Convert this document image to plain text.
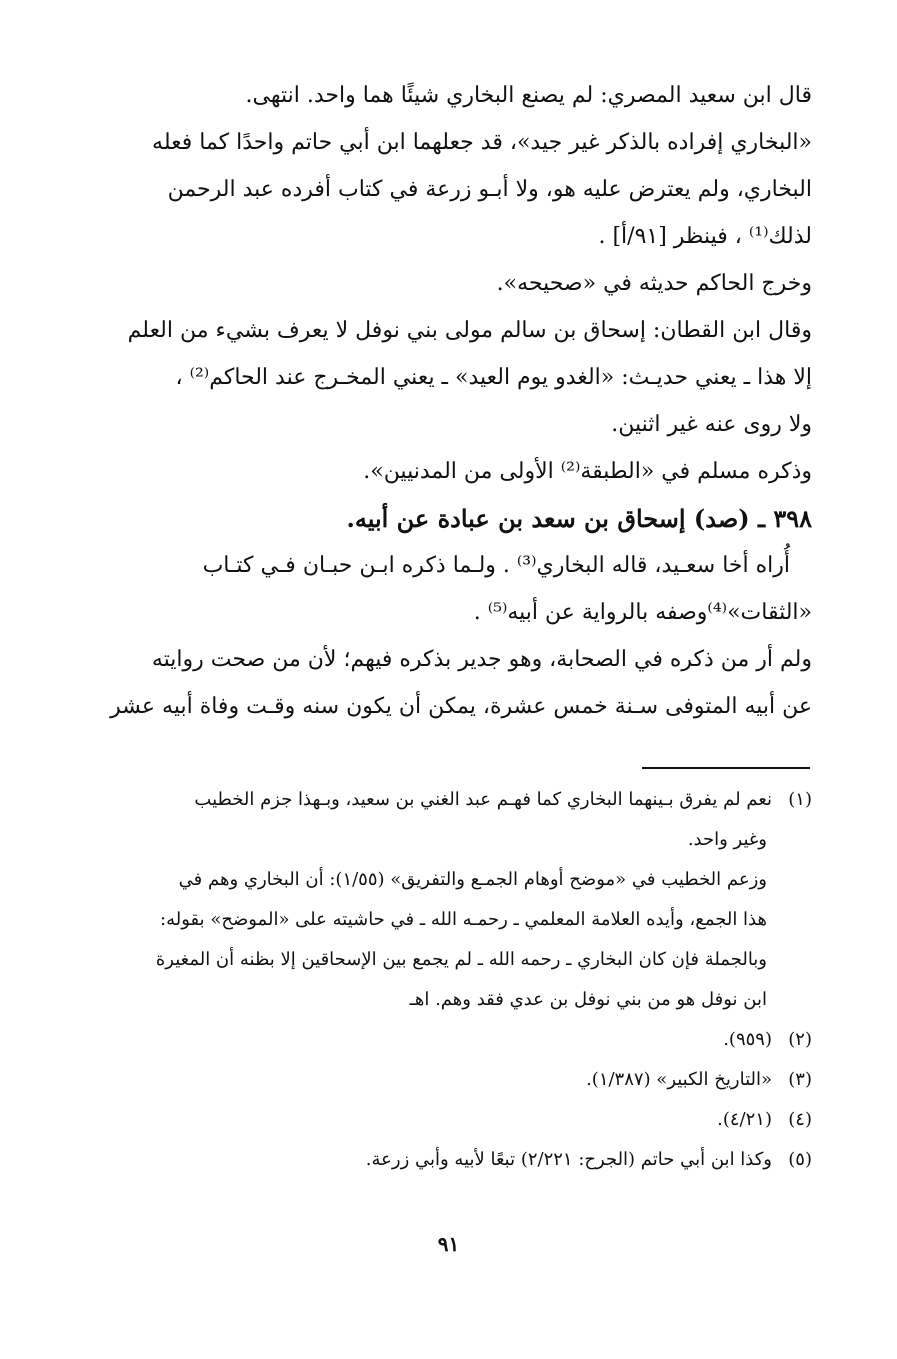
قال ابن سعيد المصري: لم يصنع البخاري شيئًا هما واحد. انتهى.

«البخاري إفراده بالذكر غير جيد»، قد جعلهما ابن أبي حاتم واحدًا كما فعله

البخاري، ولم يعترض عليه هو، ولا أبـو زرعة في كتاب أفرده عبد الرحمن

لذلك⁽¹⁾ ، فينظر [٩١/أ] .

وخرج الحاكم حديثه في «صحيحه».

وقال ابن القطان: إسحاق بن سالم مولى بني نوفل لا يعرف بشيء من العلم

إلا هذا ـ يعني حديـث: «الغدو يوم العيد» ـ يعني المخـرج عند الحاكم⁽²⁾ ،

ولا روى عنه غير اثنين.

وذكره مسلم في «الطبقة⁽²⁾ الأولى من المدنيين».

٣٩٨ ـ (صد) إسحاق بن سعد بن عبادة عن أبيه.

أُراه أخا سعـيد، قاله البخاري⁽³⁾ . ولـما ذكره ابـن حبـان فـي كتـاب

«الثقات»⁽⁴⁾وصفه بالرواية عن أبيه⁽⁵⁾ .

ولم أر من ذكره في الصحابة، وهو جدير بذكره فيهم؛ لأن من صحت روايته

عن أبيه المتوفى سـنة خمس عشرة، يمكن أن يكون سنه وقـت وفاة أبيه عشر

(١)نعم لم يفرق بـينهما البخاري كما فهـم عبد الغني بن سعيد، وبـهذا جزم الخطيب

وغير واحد.

وزعم الخطيب في «موضح أوهام الجمـع والتفريق» (١/٥٥): أن البخاري وهم في

هذا الجمع، وأيده العلامة المعلمي ـ رحمـه الله ـ في حاشيته على «الموضح» بقوله:

وبالجملة فإن كان البخاري ـ رحمه الله ـ لم يجمع بين الإسحاقين إلا بظنه أن المغيرة

ابن نوفل هو من بني نوفل بن عدي فقد وهم. اهـ

(٢)(٩٥٩).

(٣)«التاريخ الكبير» (١/٣٨٧).

(٤)(٤/٢١).

(٥)وكذا ابن أبي حاتم (الجرح: ٢/٢٢١) تبعًا لأبيه وأبي زرعة.

٩١
